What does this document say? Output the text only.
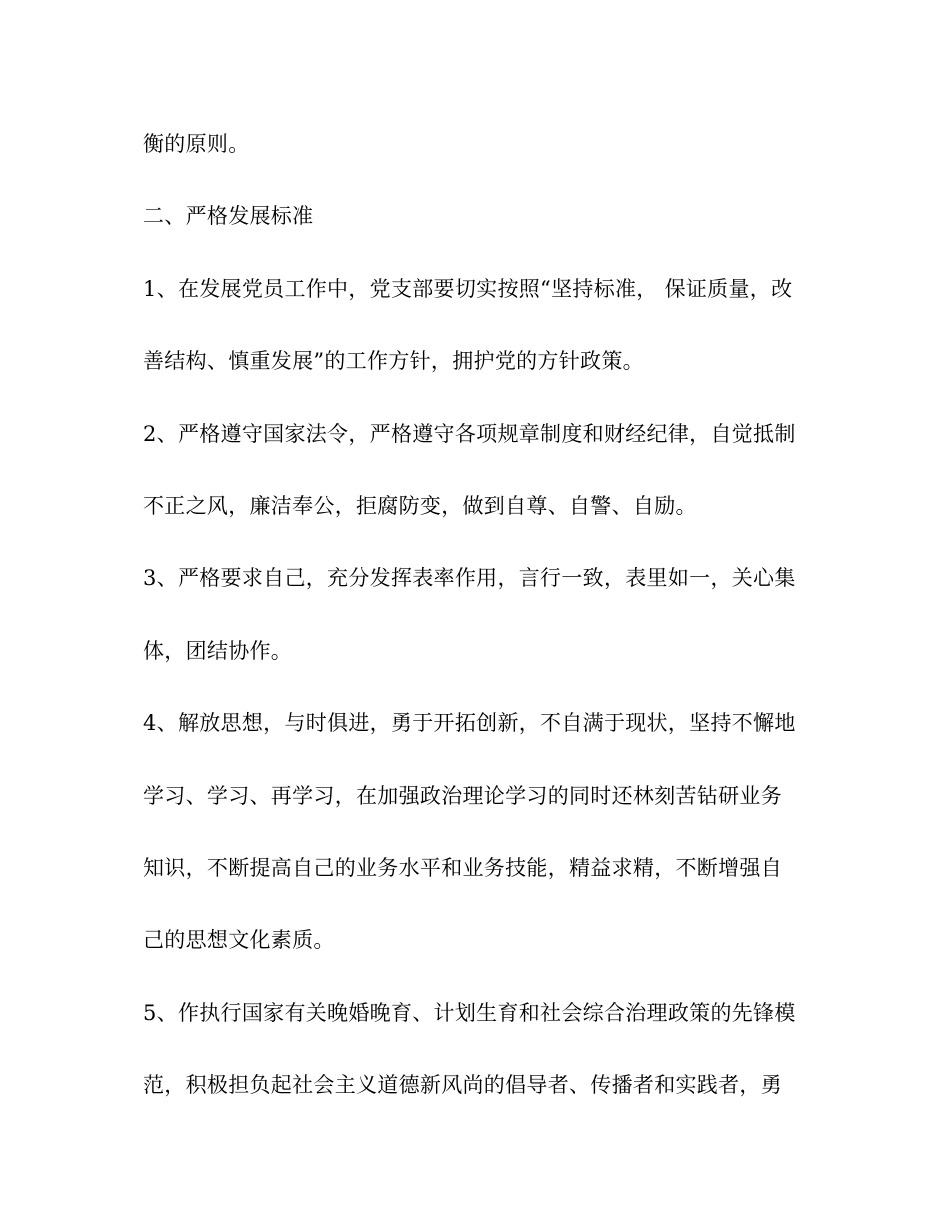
衡的原则。
二、严格发展标准
1、在发展党员工作中，党支部要切实按照“坚持标准， 保证质量，改
善结构、慎重发展”的工作方针，拥护党的方针政策。
2、严格遵守国家法令，严格遵守各项规章制度和财经纪律，自觉抵制
不正之风，廉洁奉公，拒腐防变，做到自尊、自警、自励。
3、严格要求自己，充分发挥表率作用，言行一致，表里如一，关心集
体，团结协作。
4、解放思想，与时俱进，勇于开拓创新，不自满于现状，坚持不懈地
学习、学习、再学习，在加强政治理论学习的同时还林刻苦钻研业务
知识，不断提高自己的业务水平和业务技能，精益求精，不断增强自
己的思想文化素质。
5、作执行国家有关晚婚晚育、计划生育和社会综合治理政策的先锋模
范，积极担负起社会主义道德新风尚的倡导者、传播者和实践者，勇
